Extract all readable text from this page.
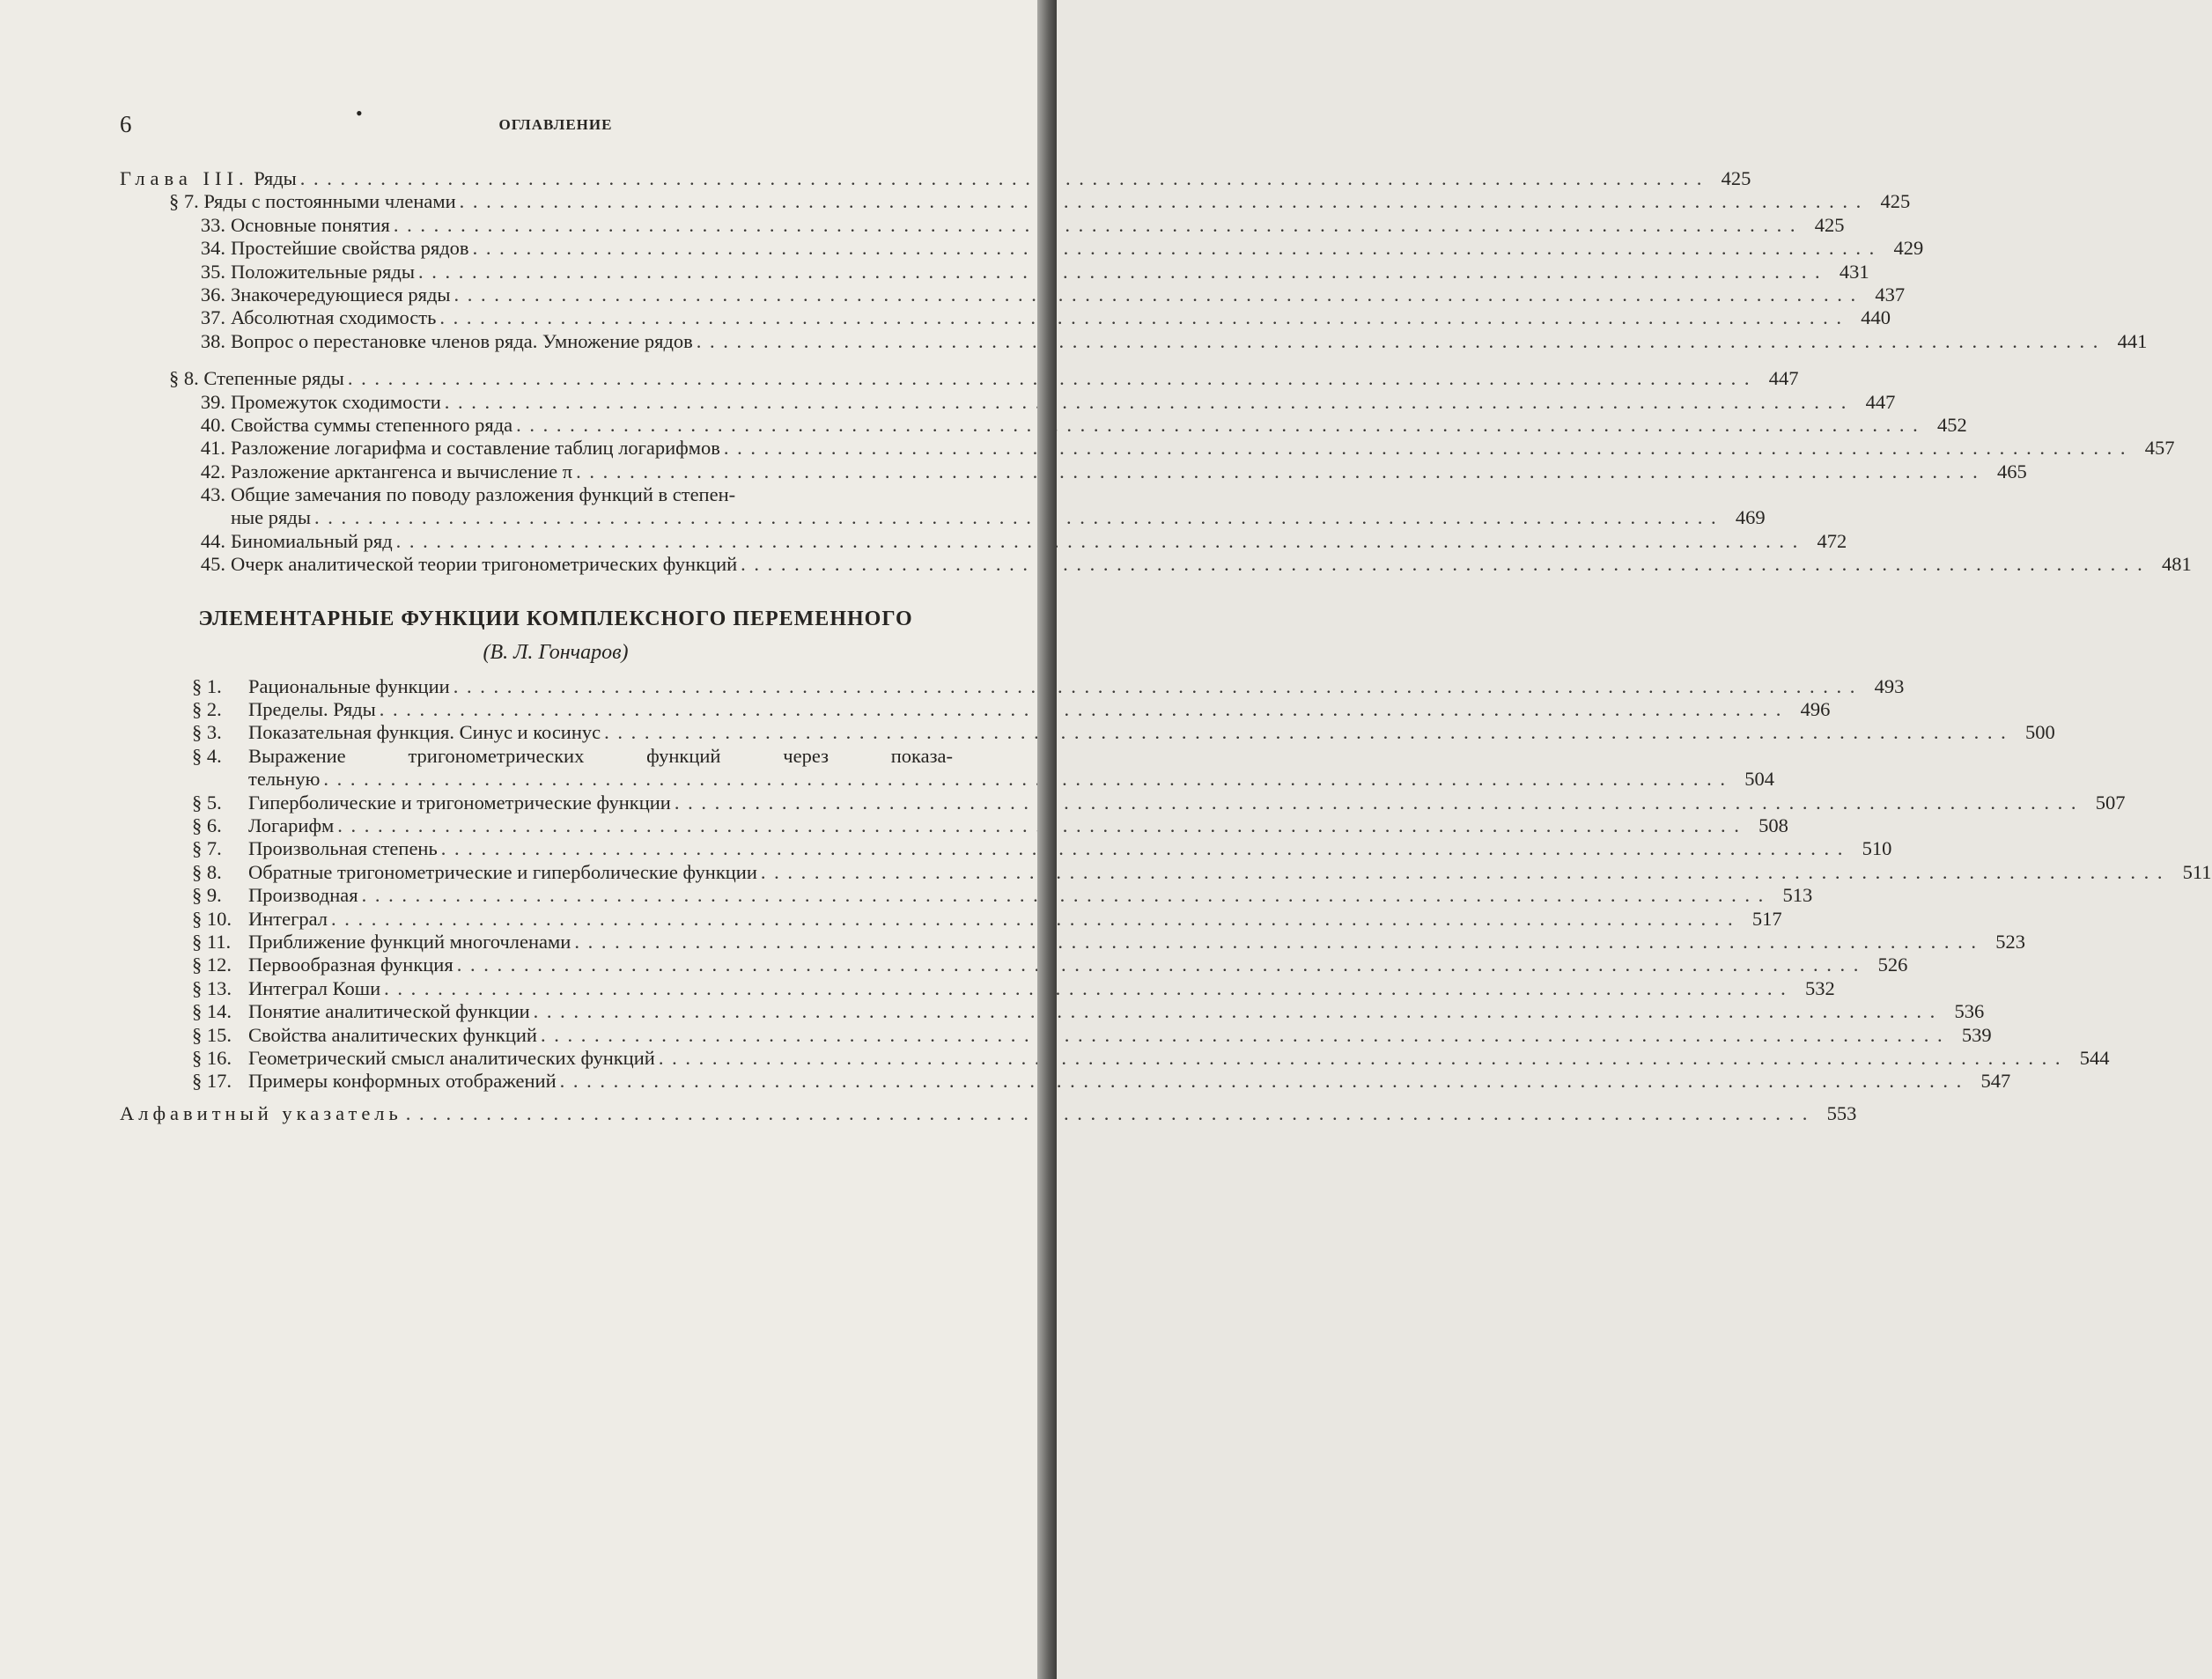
6	•
ОГЛАВЛЕНИЕ
Глава III. Ряды . . .	425
§ 7. Ряды с постоянными членами . . .	425
33. Основные понятия . . .	425
34. Простейшие свойства рядов . . .	429
35. Положительные ряды . . .	431
36. Знакочередующиеся ряды . . .	437
37. Абсолютная сходимость . . .	440
38. Вопрос о перестановке членов ряда. Умножение рядов . . .	441
§ 8. Степенные ряды . . .	447
39. Промежуток сходимости . . .	447
40. Свойства суммы степенного ряда . . .	452
41. Разложение логарифма и составление таблиц логарифмов . . .	457
42. Разложение арктангенса и вычисление π . . .	465
43. Общие замечания по поводу разложения функций в степен-
ные ряды . . .	469
44. Биномиальный ряд . . .	472
45. Очерк аналитической теории тригонометрических функций . . .	481
ЭЛЕМЕНТАРНЫЕ ФУНКЦИИ КОМПЛЕКСНОГО ПЕРЕМЕННОГО
(В. Л. Гончаров)
§ 1. Рациональные функции . . .	493
§ 2. Пределы. Ряды . . .	496
§ 3. Показательная функция. Синус и косинус . . .	500
§ 4.	Выражение	тригонометрических	функций	через	показа-
тельную . . .	504
§ 5. Гиперболические и тригонометрические функции . . .	507
§ 6. Логарифм . . .	508
§ 7. Произвольная степень . . .	510
§ 8. Обратные тригонометрические и гиперболические функции . . .	511
§ 9. Производная . . .	513
§ 10. Интеграл . . .	517
§ 11. Приближение функций многочленами . . .	523
§ 12. Первообразная функция . . .	526
§ 13. Интеграл Коши . . .	532
§ 14. Понятие аналитической функции . . .	536
§ 15. Свойства аналитических функций . . .	539
§ 16. Геометрический смысл аналитических функций . . .	544
§ 17. Примеры конформных отображений . . .	547
Алфавитный указатель . . .	553
